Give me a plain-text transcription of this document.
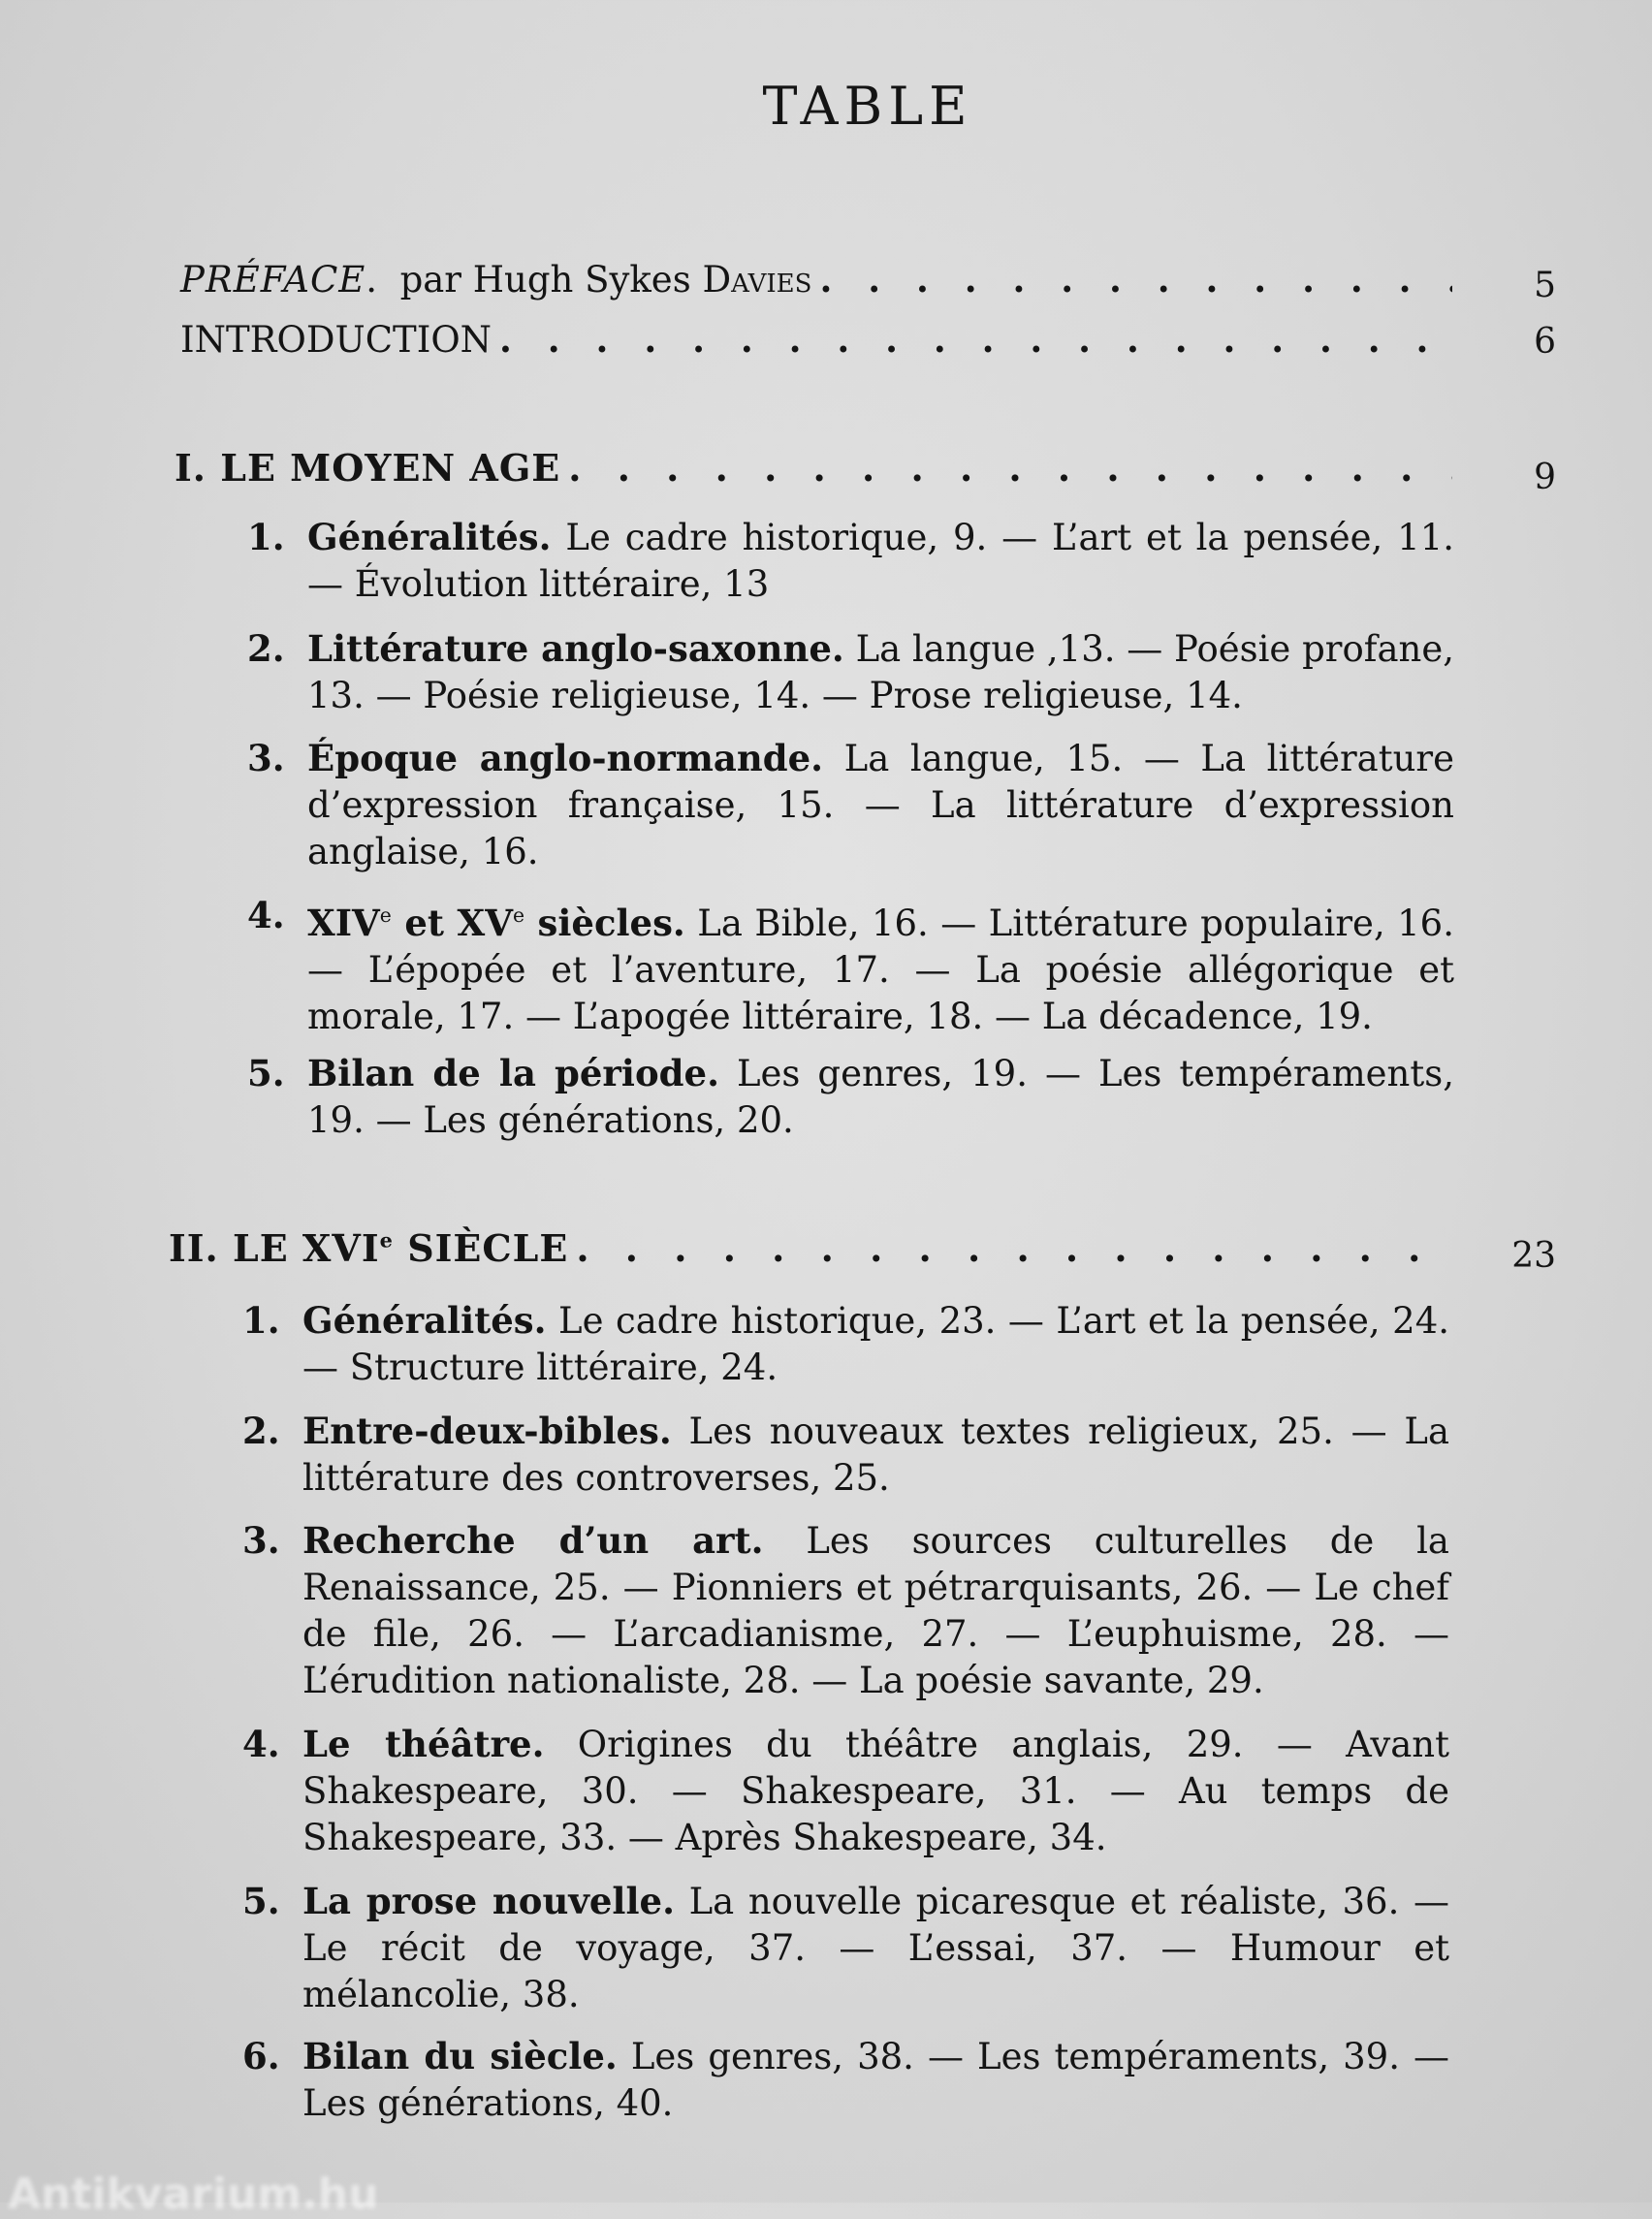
TABLE
PRÉFACE.  par Hugh Sykes Davies . . .	5
INTRODUCTION . . .	6
I. LE MOYEN AGE . . .	9
1. Généralités. Le cadre historique, 9. — L’art et la pensée, 11. — Évolution littéraire, 13
2. Littérature anglo-saxonne. La langue ,13. — Poésie profane, 13. — Poésie religieuse, 14. — Prose religieuse, 14.
3. Époque anglo-normande. La langue, 15. — La littérature d’expression française, 15. — La littérature d’expression anglaise, 16.
4. XIVe et XVe siècles. La Bible, 16. — Littérature populaire, 16. — L’épopée et l’aventure, 17. — La poésie allégorique et morale, 17. — L’apogée littéraire, 18. — La décadence, 19.
5. Bilan de la période. Les genres, 19. — Les tempéraments, 19. — Les générations, 20.
II. LE XVIe SIÈCLE . . .	23
1. Généralités. Le cadre historique, 23. — L’art et la pensée, 24. — Structure littéraire, 24.
2. Entre-deux-bibles. Les nouveaux textes religieux, 25. — La littérature des controverses, 25.
3. Recherche d’un art. Les sources culturelles de la Renaissance, 25. — Pionniers et pétrarquisants, 26. — Le chef de file, 26. — L’arcadianisme, 27. — L’euphuisme, 28. — L’érudition nationaliste, 28. — La poésie savante, 29.
4. Le théâtre. Origines du théâtre anglais, 29. — Avant Shakespeare, 30. — Shakespeare, 31. — Au temps de Shakespeare, 33. — Après Shakespeare, 34.
5. La prose nouvelle. La nouvelle picaresque et réaliste, 36. — Le récit de voyage, 37. — L’essai, 37. — Humour et mélancolie, 38.
6. Bilan du siècle. Les genres, 38. — Les tempéraments, 39. — Les générations, 40.
Antikvarium.hu
